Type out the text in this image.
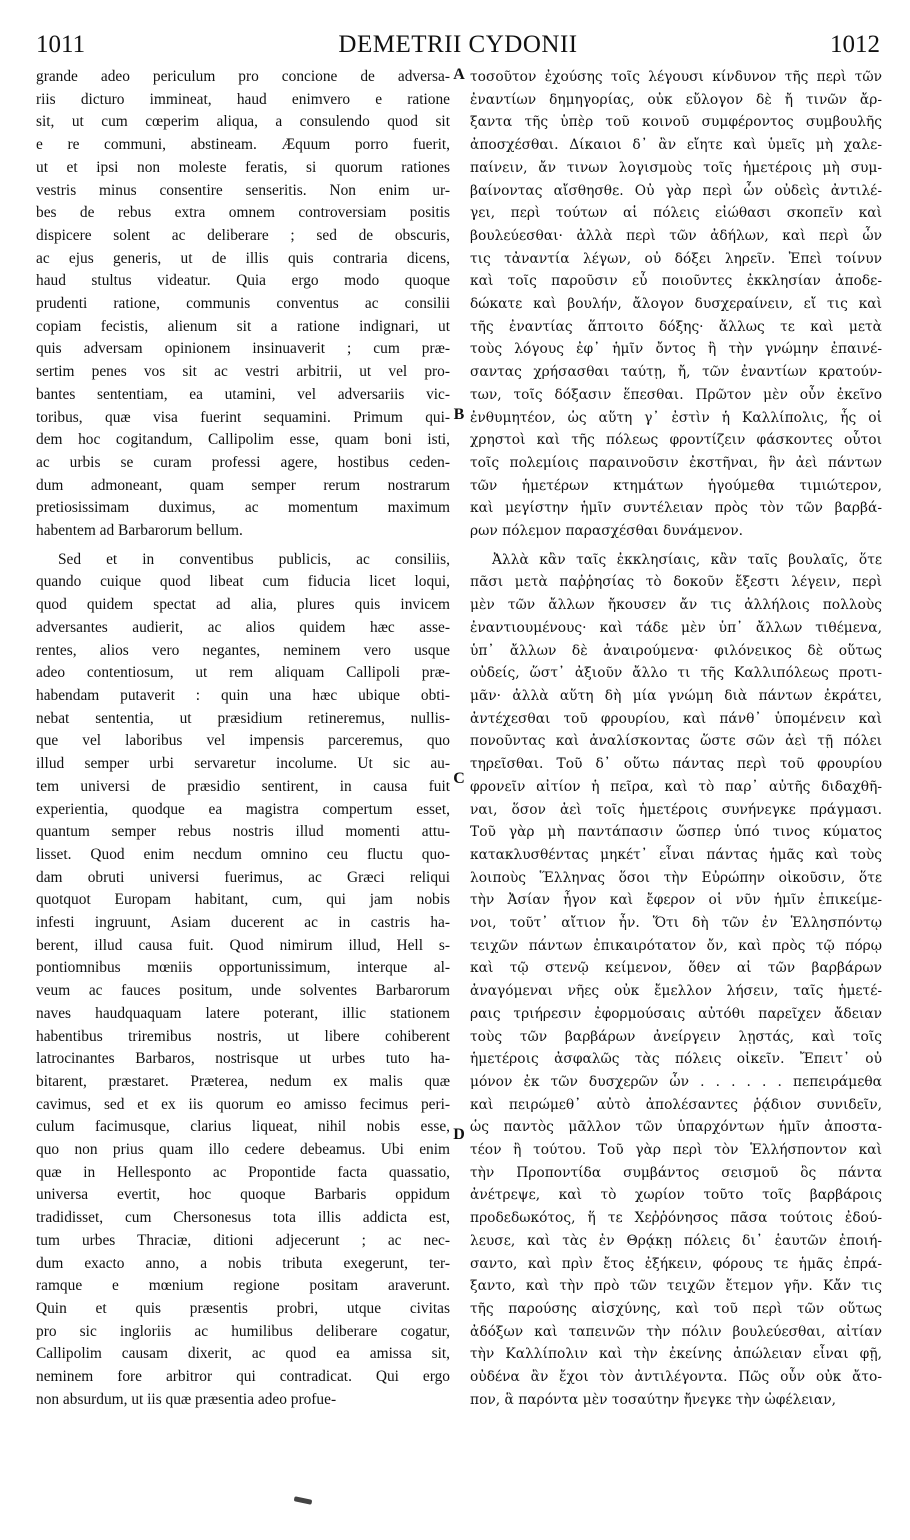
1011	DEMETRII CYDONII	1012
grande adeo periculum pro concione de adversa-
riis dicturo immineat, haud enimvero e ratione
sit, ut cum cœperim aliqua, a consulendo quod sit
e re communi, abstineam. Æquum porro fuerit,
ut et ipsi non moleste feratis, si quorum rationes
vestris minus consentire senseritis. Non enim ur-
bes de rebus extra omnem controversiam positis
dispicere solent ac deliberare ; sed de obscuris,
ac ejus generis, ut de illis quis contraria dicens,
haud stultus videatur. Quia ergo modo quoque
prudenti ratione, communis conventus ac consilii
copiam fecistis, alienum sit a ratione indignari, ut
quis adversam opinionem insinuaverit ; cum præ-
sertim penes vos sit ac vestri arbitrii, ut vel pro-
bantes sententiam, ea utamini, vel adversariis vic-
toribus, quæ visa fuerint sequamini. Primum qui-
dem hoc cogitandum, Callipolim esse, quam boni isti,
ac urbis se curam professi agere, hostibus ceden-
dum admoneant, quam semper rerum nostrarum
pretiosissimam duximus, ac momentum maximum
habentem ad Barbarorum bellum.
Sed et in conventibus publicis, ac consiliis,
quando cuique quod libeat cum fiducia licet loqui,
quod quidem spectat ad alia, plures quis invicem
adversantes audierit, ac alios quidem hæc asse-
rentes, alios vero negantes, neminem vero usque
adeo contentiosum, ut rem aliquam Callipoli præ-
habendam putaverit : quin una hæc ubique obti-
nebat sententia, ut præsidium retineremus, nullis-
que vel laboribus vel impensis parceremus, quo
illud semper urbi servaretur incolume. Ut sic au-
tem universi de præsidio sentirent, in causa fuit
experientia, quodque ea magistra compertum esset,
quantum semper rebus nostris illud momenti attu-
lisset. Quod enim necdum omnino ceu fluctu quo-
dam obruti universi fuerimus, ac Græci reliqui
quotquot Europam habitant, cum, qui jam nobis
infesti ingruunt, Asiam ducerent ac in castris ha-
berent, illud causa fuit. Quod nimirum illud, Hell s-
pontiomnibus mœniis opportunissimum, interque al-
veum ac fauces positum, unde solventes Barbarorum
naves haudquaquam latere poterant, illic stationem
habentibus triremibus nostris, ut libere cohiberent
latrocinantes Barbaros, nostrisque ut urbes tuto ha-
bitarent, præstaret. Præterea, nedum ex malis quæ
cavimus, sed et ex iis quorum eo amisso fecimus peri-
culum facimusque, clarius liqueat, nihil nobis esse,
quo non prius quam illo cedere debeamus. Ubi enim
quæ in Hellesponto ac Propontide facta quassatio,
universa evertit, hoc quoque Barbaris oppidum
tradidisset, cum Chersonesus tota illis addicta est,
tum urbes Thraciæ, ditioni adjecerunt ; ac nec-
dum exacto anno, a nobis tributa exegerunt, ter-
ramque e mœnium regione positam araverunt.
Quin et quis præsentis probri, utque civitas
pro sic ingloriis ac humilibus deliberare cogatur,
Callipolim causam dixerit, ac quod ea amissa sit,
neminem fore arbitror qui contradicat. Qui ergo
non absurdum, ut iis quæ præsentia adeo profue-
τοσοῦτον ἐχούσης τοῖς λέγουσι κίνδυνον τῆς περὶ τῶν
ἐναντίων δημηγορίας, οὐκ εὔλογον δὲ ἤ τινῶν ἄρ-
ξαντα τῆς ὑπὲρ τοῦ κοινοῦ συμφέροντος συμβουλῆς
ἀποσχέσθαι. Δίκαιοι δ᾽ ἂν εἴητε καὶ ὑμεῖς μὴ χαλε-
παίνειν, ἄν τινων λογισμοὺς τοῖς ἡμετέροις μὴ συμ-
βαίνοντας αἴσθησθε. Οὐ γὰρ περὶ ὧν οὐδεὶς ἀντιλέ-
γει, περὶ τούτων αἱ πόλεις εἰώθασι σκοπεῖν καὶ
βουλεύεσθαι· ἀλλὰ περὶ τῶν ἀδήλων, καὶ περὶ ὧν
τις τἀναντία λέγων, οὐ δόξει ληρεῖν. Ἐπεὶ τοίνυν
καὶ τοῖς παροῦσιν εὖ ποιοῦντες ἐκκλησίαν ἀποδε-
δώκατε καὶ βουλήν, ἄλογον δυσχεραίνειν, εἴ τις καὶ
τῆς ἐναντίας ἅπτοιτο δόξης· ἄλλως τε καὶ μετὰ
τοὺς λόγους ἐφ᾽ ἡμῖν ὄντος ἢ τὴν γνώμην ἐπαινέ-
σαντας χρήσασθαι ταύτῃ, ἤ, τῶν ἐναντίων κρατούν-
των, τοῖς δόξασιν ἕπεσθαι. Πρῶτον μὲν οὖν ἐκεῖνο
ἐνθυμητέον, ὡς αὕτη γ᾽ ἐστὶν ἡ Καλλίπολις, ἧς οἱ
χρηστοὶ καὶ τῆς πόλεως φροντίζειν φάσκοντες οὗτοι
τοῖς πολεμίοις παραινοῦσιν ἐκστῆναι, ἣν ἀεὶ πάντων
τῶν ἡμετέρων κτημάτων ἡγούμεθα τιμιώτερον,
καὶ μεγίστην ἡμῖν συντέλειαν πρὸς τὸν τῶν βαρβά-
ρων πόλεμον παρασχέσθαι δυνάμενον.
Ἀλλὰ κἂν ταῖς ἐκκλησίαις, κἂν ταῖς βουλαῖς, ὅτε
πᾶσι μετὰ παῤῥησίας τὸ δοκοῦν ἔξεστι λέγειν, περὶ
μὲν τῶν ἄλλων ἤκουσεν ἄν τις ἀλλήλοις πολλοὺς
ἐναντιουμένους· καὶ τάδε μὲν ὑπ᾽ ἄλλων τιθέμενα,
ὑπ᾽ ἄλλων δὲ ἀναιρούμενα· φιλόνεικος δὲ οὕτως
οὐδείς, ὥστ᾽ ἀξιοῦν ἄλλο τι τῆς Καλλιπόλεως προτι-
μᾶν· ἀλλὰ αὕτη δὴ μία γνώμη διὰ πάντων ἐκράτει,
ἀντέχεσθαι τοῦ φρουρίου, καὶ πάνθ᾽ ὑπομένειν καὶ
πονοῦντας καὶ ἀναλίσκοντας ὥστε σῶν ἀεὶ τῇ πόλει
τηρεῖσθαι. Τοῦ δ᾽ οὕτω πάντας περὶ τοῦ φρουρίου
φρονεῖν αἰτίον ἡ πεῖρα, καὶ τὸ παρ᾽ αὐτῆς διδαχθῆ-
ναι, ὅσον ἀεὶ τοῖς ἡμετέροις συνήνεγκε πράγμασι.
Τοῦ γὰρ μὴ παντάπασιν ὥσπερ ὑπό τινος κύματος
κατακλυσθέντας μηκέτ᾽ εἶναι πάντας ἡμᾶς καὶ τοὺς
λοιποὺς Ἕλληνας ὅσοι τὴν Εὐρώπην οἰκοῦσιν, ὅτε
τὴν Ἀσίαν ἦγον καὶ ἔφερον οἱ νῦν ἡμῖν ἐπικείμε-
νοι, τοῦτ᾽ αἴτιον ἦν. Ὅτι δὴ τῶν ἐν Ἑλλησπόντῳ
τειχῶν πάντων ἐπικαιρότατον ὄν, καὶ πρὸς τῷ πόρῳ
καὶ τῷ στενῷ κείμενον, ὅθεν αἱ τῶν βαρβάρων
ἀναγόμεναι νῆες οὐκ ἔμελλον λήσειν, ταῖς ἡμετέ-
ραις τριήρεσιν ἐφορμούσαις αὐτόθι παρεῖχεν ἄδειαν
τοὺς τῶν βαρβάρων ἀνείργειν λῃστάς, καὶ τοῖς
ἡμετέροις ἀσφαλῶς τὰς πόλεις οἰκεῖν. Ἔπειτ᾽ οὐ
μόνον ἐκ τῶν δυσχερῶν ὧν . . . . . . πεπειράμεθα
καὶ πειρώμεθ᾽ αὐτὸ ἀπολέσαντες ῥᾴδιον συνιδεῖν,
ὡς παντὸς μᾶλλον τῶν ὑπαρχόντων ἡμῖν ἀποστα-
τέον ἢ τούτου. Τοῦ γὰρ περὶ τὸν Ἑλλήσποντον καὶ
τὴν Προποντίδα συμβάντος σεισμοῦ ὃς πάντα
ἀνέτρεψε, καὶ τὸ χωρίον τοῦτο τοῖς βαρβάροις
προδεδωκότος, ἥ τε Χεῤῥόνησος πᾶσα τούτοις ἐδού-
λευσε, καὶ τὰς ἐν Θρᾴκῃ πόλεις δι᾽ ἑαυτῶν ἐποιή-
σαντο, καὶ πρὶν ἔτος ἐξήκειν, φόρους τε ἡμᾶς ἐπρά-
ξαντο, καὶ τὴν πρὸ τῶν τειχῶν ἔτεμον γῆν. Κἄν τις
τῆς παρούσης αἰσχύνης, καὶ τοῦ περὶ τῶν οὕτως
ἀδόξων καὶ ταπεινῶν τὴν πόλιν βουλεύεσθαι, αἰτίαν
τὴν Καλλίπολιν καὶ τὴν ἐκείνης ἀπώλειαν εἶναι φῇ,
οὐδένα ἂν ἔχοι τὸν ἀντιλέγοντα. Πῶς οὖν οὐκ ἄτο-
πον, ἃ παρόντα μὲν τοσαύτην ἤνεγκε τὴν ὠφέλειαν,
A
B
C
D
